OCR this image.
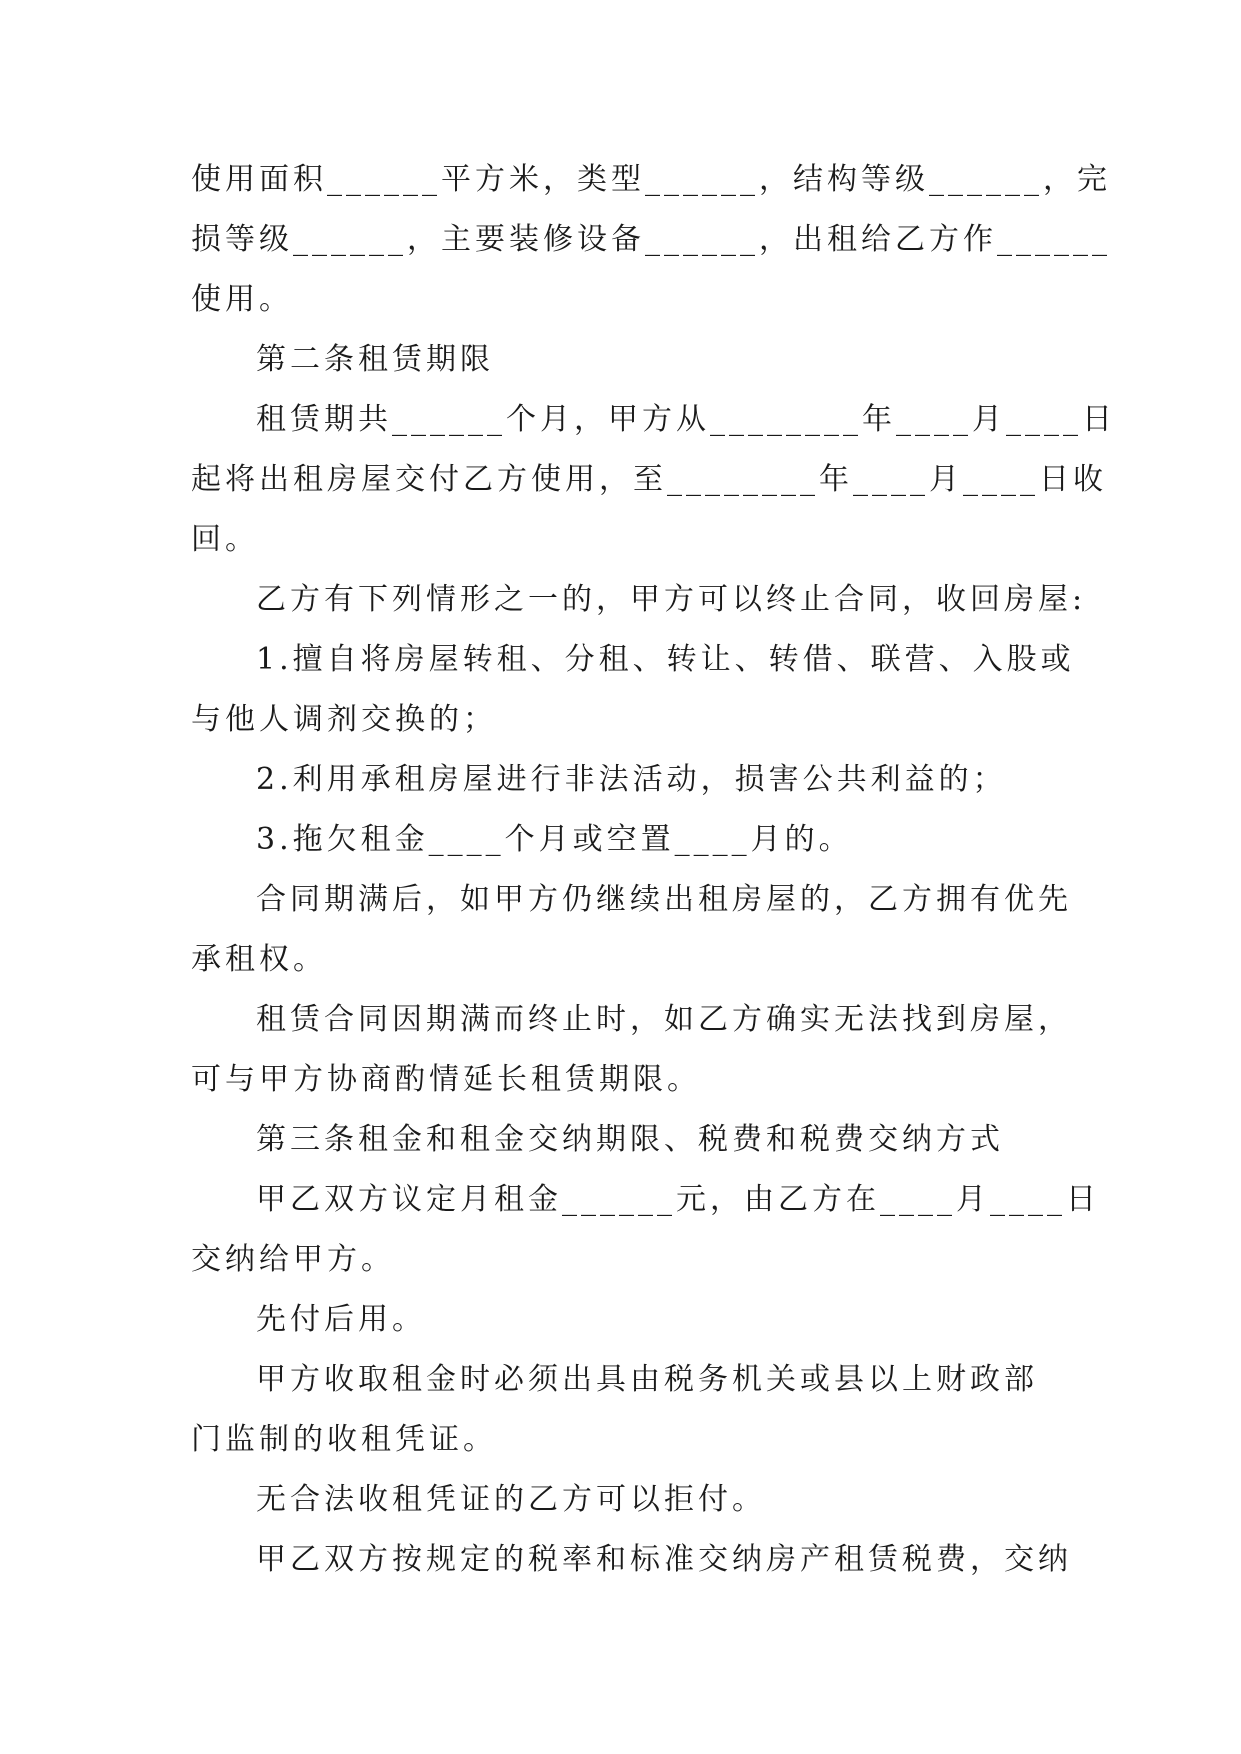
使用面积______平方米，类型______，结构等级______，完
损等级______，主要装修设备______，出租给乙方作______
使用。
第二条租赁期限
租赁期共______个月，甲方从________年____月____日
起将出租房屋交付乙方使用，至________年____月____日收
回。
乙方有下列情形之一的，甲方可以终止合同，收回房屋:
1.擅自将房屋转租、分租、转让、转借、联营、入股或
与他人调剂交换的；
2.利用承租房屋进行非法活动，损害公共利益的；
3.拖欠租金____个月或空置____月的。
合同期满后，如甲方仍继续出租房屋的，乙方拥有优先
承租权。
租赁合同因期满而终止时，如乙方确实无法找到房屋，
可与甲方协商酌情延长租赁期限。
第三条租金和租金交纳期限、税费和税费交纳方式
甲乙双方议定月租金______元，由乙方在____月____日
交纳给甲方。
先付后用。
甲方收取租金时必须出具由税务机关或县以上财政部
门监制的收租凭证。
无合法收租凭证的乙方可以拒付。
甲乙双方按规定的税率和标准交纳房产租赁税费，交纳
